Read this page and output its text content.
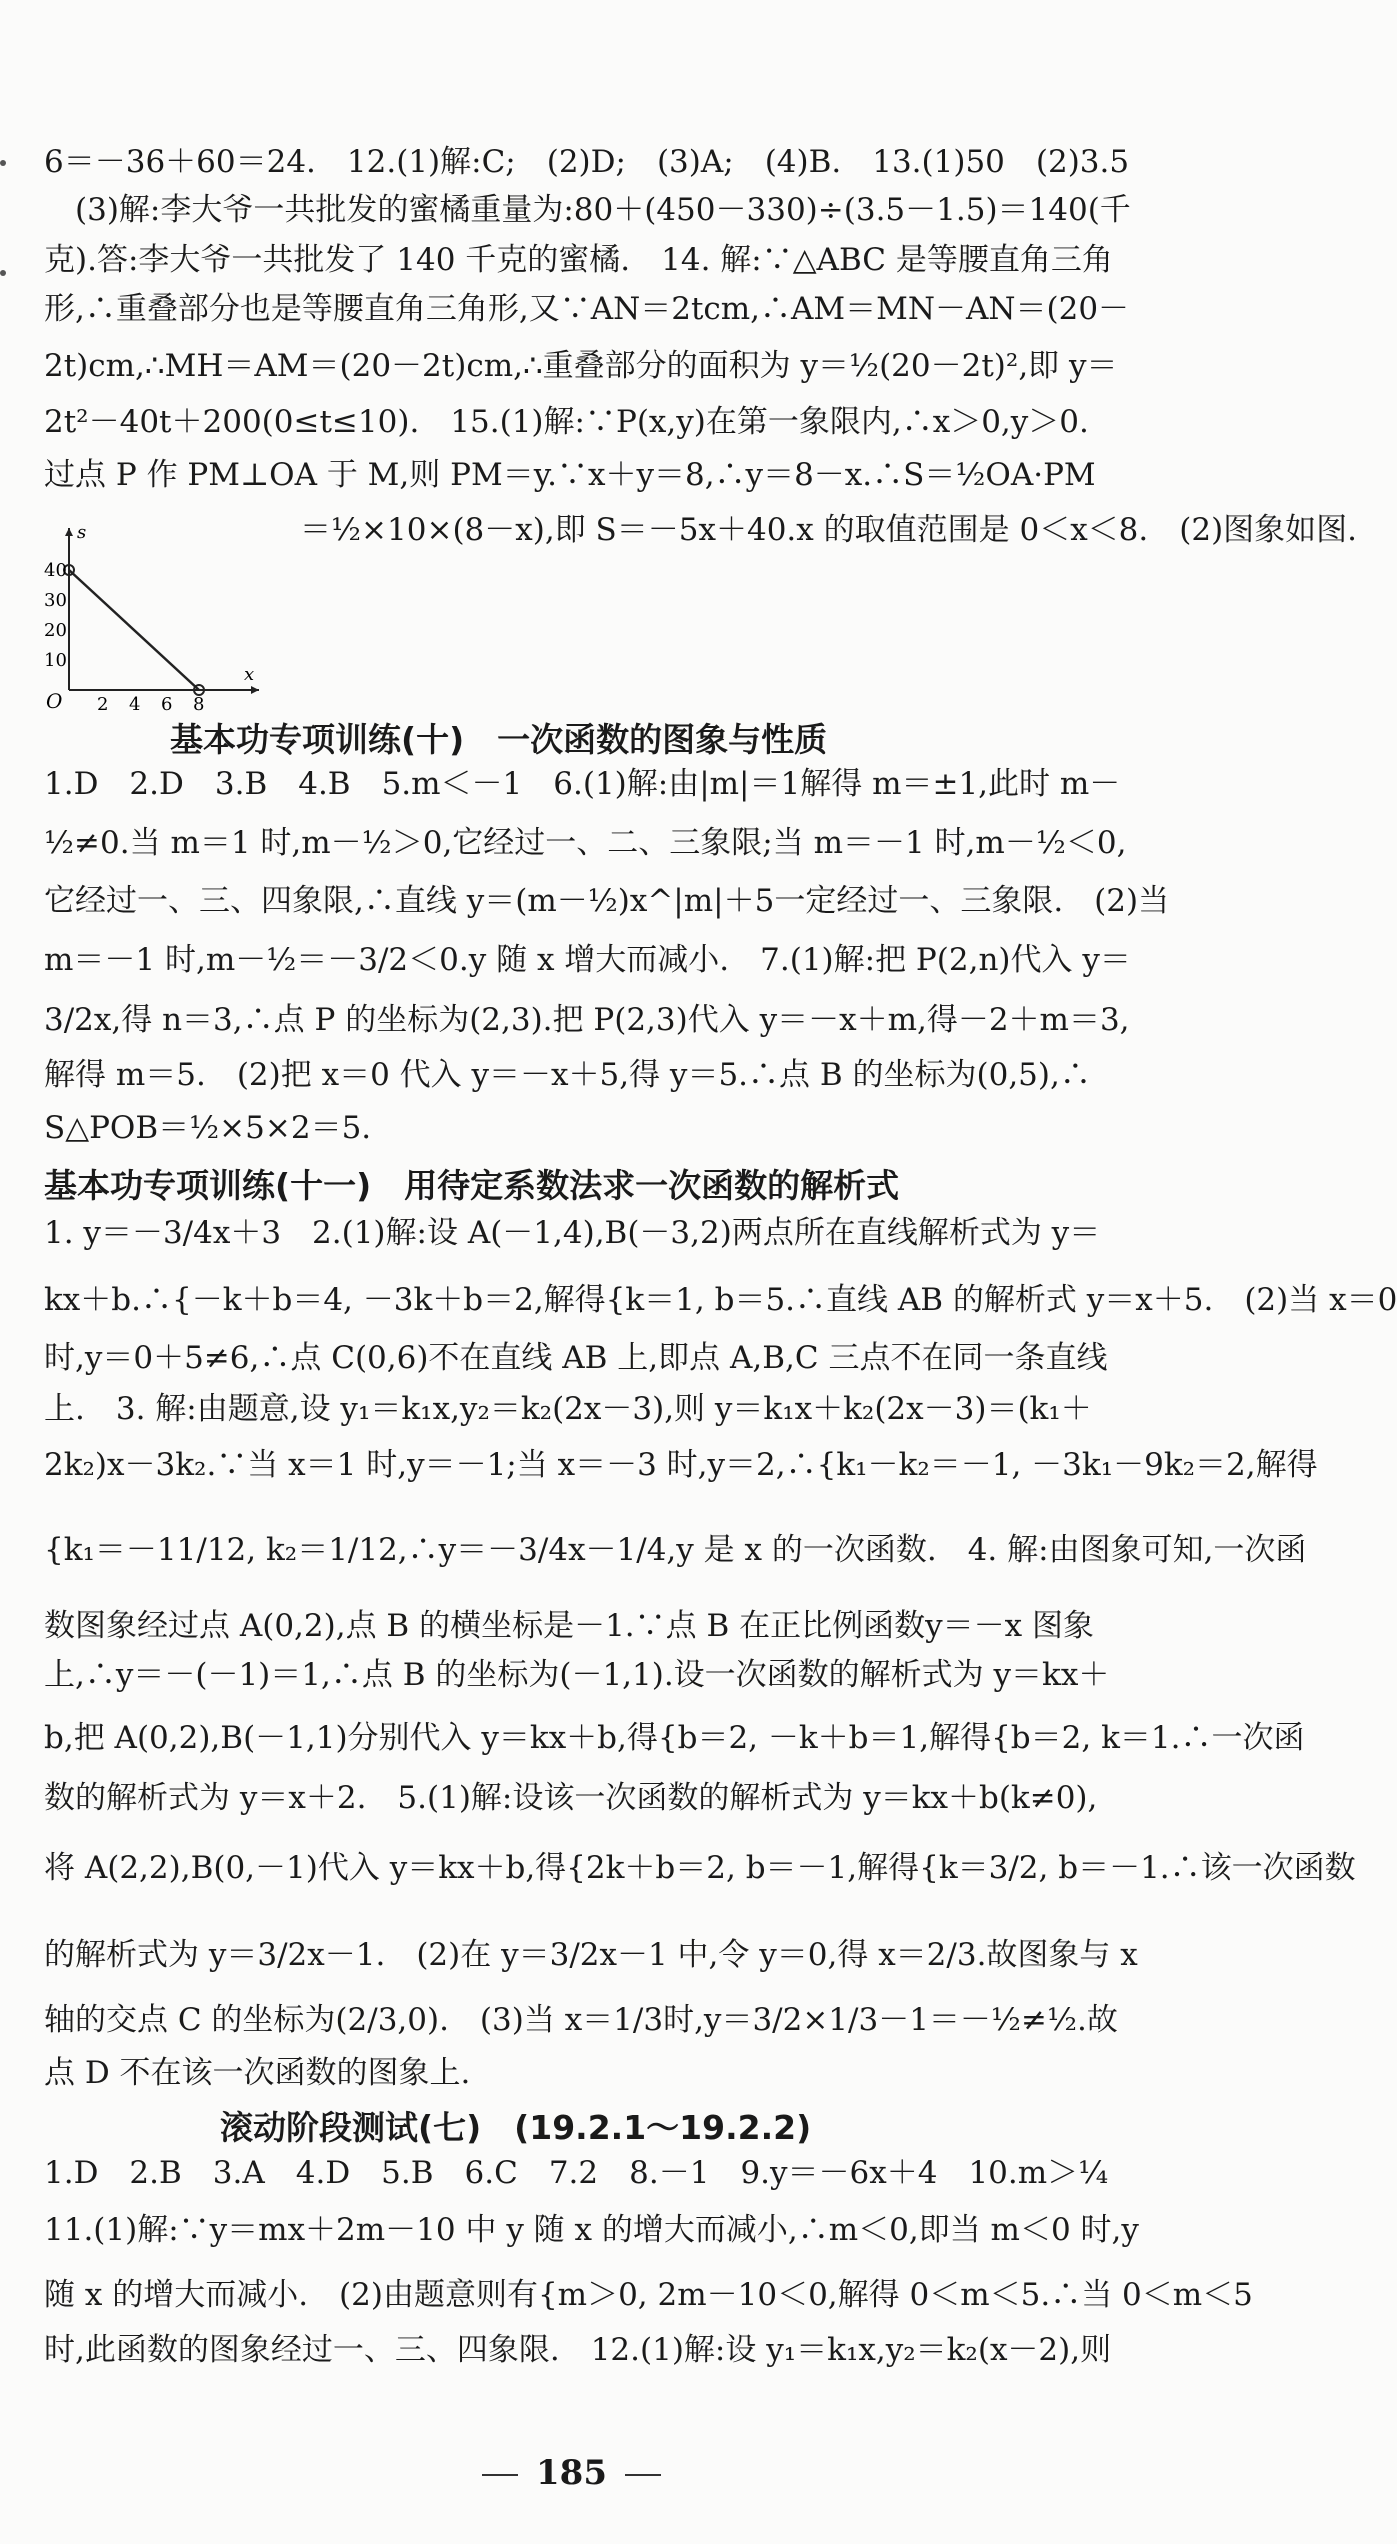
6＝－36＋60＝24.　12.(1)解:C;　(2)D;　(3)A;　(4)B.　13.(1)50　(2)3.5
　(3)解:李大爷一共批发的蜜橘重量为:80＋(450－330)÷(3.5－1.5)＝140(千
克).答:李大爷一共批发了 140 千克的蜜橘.　14. 解:∵△ABC 是等腰直角三角
形,∴重叠部分也是等腰直角三角形,又∵AN＝2tcm,∴AM＝MN－AN＝(20－
2t)cm,∴MH＝AM＝(20－2t)cm,∴重叠部分的面积为 y＝½(20－2t)²,即 y＝
2t²－40t＋200(0≤t≤10).　15.(1)解:∵P(x,y)在第一象限内,∴x＞0,y＞0.
过点 P 作 PM⊥OA 于 M,则 PM＝y.∵x＋y＝8,∴y＝8－x.∴S＝½OA·PM
＝½×10×(8－x),即 S＝－5x＋40.x 的取值范围是 0＜x＜8.　(2)图象如图.
s
x
O
40
30
20
10
2 4 6 8
基本功专项训练(十)　一次函数的图象与性质
1.D　2.D　3.B　4.B　5.m＜－1　6.(1)解:由|m|＝1解得 m＝±1,此时 m－
½≠0.当 m＝1 时,m－½＞0,它经过一、二、三象限;当 m＝－1 时,m－½＜0,
它经过一、三、四象限,∴直线 y＝(m－½)x^|m|＋5一定经过一、三象限.　(2)当
m＝－1 时,m－½＝－3/2＜0.y 随 x 增大而减小.　7.(1)解:把 P(2,n)代入 y＝
3/2x,得 n＝3,∴点 P 的坐标为(2,3).把 P(2,3)代入 y＝－x＋m,得－2＋m＝3,
解得 m＝5.　(2)把 x＝0 代入 y＝－x＋5,得 y＝5.∴点 B 的坐标为(0,5),∴
S△POB＝½×5×2＝5.
基本功专项训练(十一)　用待定系数法求一次函数的解析式
1. y＝－3/4x＋3　2.(1)解:设 A(－1,4),B(－3,2)两点所在直线解析式为 y＝
kx＋b.∴{－k＋b＝4, －3k＋b＝2,解得{k＝1, b＝5.∴直线 AB 的解析式 y＝x＋5.　(2)当 x＝0
时,y＝0＋5≠6,∴点 C(0,6)不在直线 AB 上,即点 A,B,C 三点不在同一条直线
上.　3. 解:由题意,设 y₁＝k₁x,y₂＝k₂(2x－3),则 y＝k₁x＋k₂(2x－3)＝(k₁＋
2k₂)x－3k₂.∵当 x＝1 时,y＝－1;当 x＝－3 时,y＝2,∴{k₁－k₂＝－1, －3k₁－9k₂＝2,解得
{k₁＝－11/12, k₂＝1/12,∴y＝－3/4x－1/4,y 是 x 的一次函数.　4. 解:由图象可知,一次函
数图象经过点 A(0,2),点 B 的横坐标是－1.∵点 B 在正比例函数y＝－x 图象
上,∴y＝－(－1)＝1,∴点 B 的坐标为(－1,1).设一次函数的解析式为 y＝kx＋
b,把 A(0,2),B(－1,1)分别代入 y＝kx＋b,得{b＝2, －k＋b＝1,解得{b＝2, k＝1.∴一次函
数的解析式为 y＝x＋2.　5.(1)解:设该一次函数的解析式为 y＝kx＋b(k≠0),
将 A(2,2),B(0,－1)代入 y＝kx＋b,得{2k＋b＝2, b＝－1,解得{k＝3/2, b＝－1.∴该一次函数
的解析式为 y＝3/2x－1.　(2)在 y＝3/2x－1 中,令 y＝0,得 x＝2/3.故图象与 x
轴的交点 C 的坐标为(2/3,0).　(3)当 x＝1/3时,y＝3/2×1/3－1＝－½≠½.故
点 D 不在该一次函数的图象上.
滚动阶段测试(七)　(19.2.1～19.2.2)
1.D　2.B　3.A　4.D　5.B　6.C　7.2　8.－1　9.y＝－6x＋4　10.m＞¼
11.(1)解:∵y＝mx＋2m－10 中 y 随 x 的增大而减小,∴m＜0,即当 m＜0 时,y
随 x 的增大而减小.　(2)由题意则有{m＞0, 2m－10＜0,解得 0＜m＜5.∴当 0＜m＜5
时,此函数的图象经过一、三、四象限.　12.(1)解:设 y₁＝k₁x,y₂＝k₂(x－2),则
185
